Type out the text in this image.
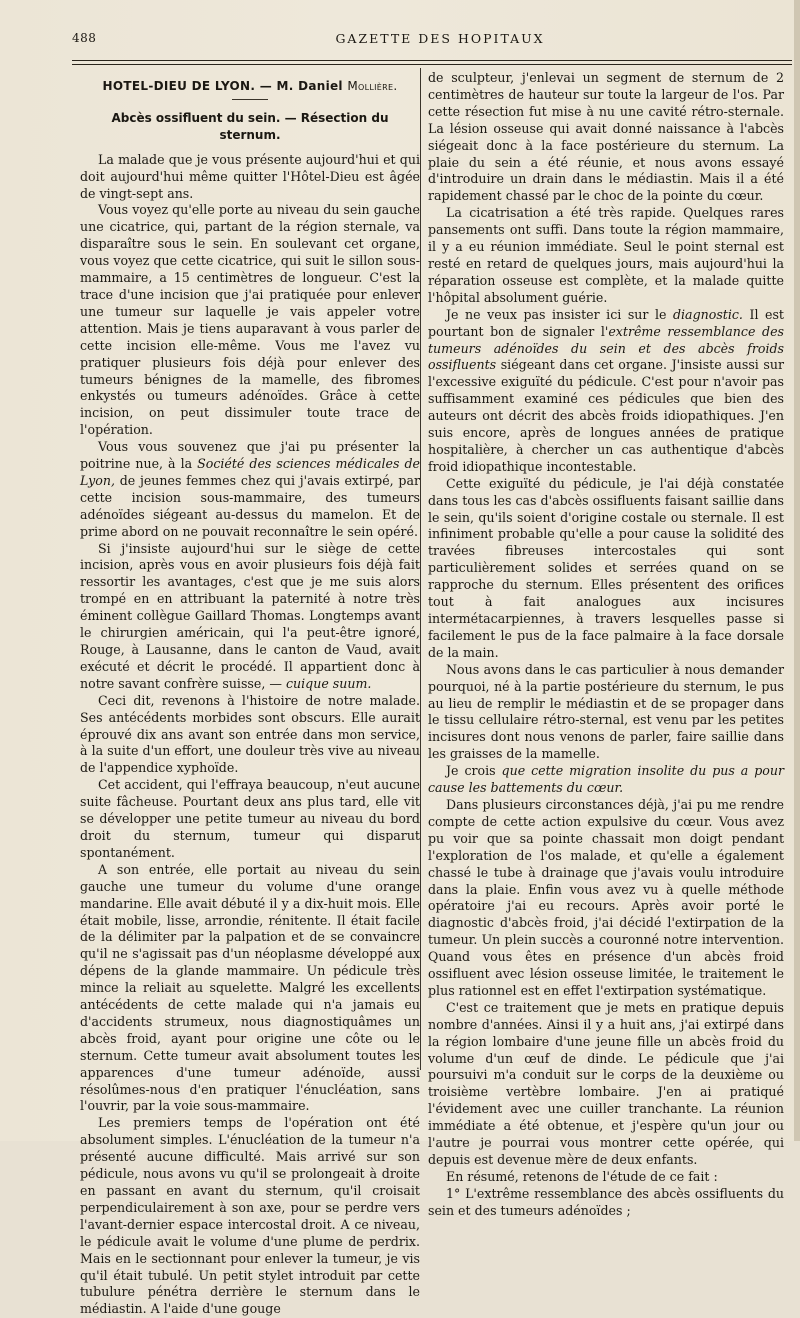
488	GAZETTE DES HOPITAUX
HOTEL-DIEU DE LYON. — M. Daniel Mollière.
Abcès ossifluent du sein. — Résection du sternum.

La malade que je vous présente aujourd'hui et qui doit aujourd'hui même quitter l'Hôtel-Dieu est âgée de vingt-sept ans.

Vous voyez qu'elle porte au niveau du sein gauche une cicatrice, qui, partant de la région sternale, va disparaître sous le sein. En soulevant cet organe, vous voyez que cette cicatrice, qui suit le sillon sous-mammaire, a 15 centimètres de longueur. C'est la trace d'une incision que j'ai pratiquée pour enlever une tumeur sur laquelle je vais appeler votre attention. Mais je tiens auparavant à vous parler de cette incision elle-même. Vous me l'avez vu pratiquer plusieurs fois déjà pour enlever des tumeurs bénignes de la mamelle, des fibromes enkystés ou tumeurs adénoïdes. Grâce à cette incision, on peut dissimuler toute trace de l'opération.

Vous vous souvenez que j'ai pu présenter la poitrine nue, à la Société des sciences médicales de Lyon, de jeunes femmes chez qui j'avais extirpé, par cette incision sous-mammaire, des tumeurs adénoïdes siégeant au-dessus du mamelon. Et de prime abord on ne pouvait reconnaître le sein opéré.

Si j'insiste aujourd'hui sur le siège de cette incision, après vous en avoir plusieurs fois déjà fait ressortir les avantages, c'est que je me suis alors trompé en en attribuant la paternité à notre très éminent collègue Gaillard Thomas. Longtemps avant le chirurgien américain, qui l'a peut-être ignoré, Rouge, à Lausanne, dans le canton de Vaud, avait exécuté et décrit le procédé. Il appartient donc à notre savant confrère suisse, — cuique suum.

Ceci dit, revenons à l'histoire de notre malade. Ses antécédents morbides sont obscurs. Elle aurait éprouvé dix ans avant son entrée dans mon service, à la suite d'un effort, une douleur très vive au niveau de l'appendice xyphoïde.

Cet accident, qui l'effraya beaucoup, n'eut aucune suite fâcheuse. Pourtant deux ans plus tard, elle vit se développer une petite tumeur au niveau du bord droit du sternum, tumeur qui disparut spontanément.

A son entrée, elle portait au niveau du sein gauche une tumeur du volume d'une orange mandarine. Elle avait débuté il y a dix-huit mois. Elle était mobile, lisse, arrondie, rénitente. Il était facile de la délimiter par la palpation et de se convaincre qu'il ne s'agissait pas d'un néoplasme développé aux dépens de la glande mammaire. Un pédicule très mince la reliait au squelette. Malgré les excellents antécédents de cette malade qui n'a jamais eu d'accidents strumeux, nous diagnostiquâmes un abcès froid, ayant pour origine une côte ou le sternum. Cette tumeur avait absolument toutes les apparences d'une tumeur adénoïde, aussi résolûmes-nous d'en pratiquer l'énucléation, sans l'ouvrir, par la voie sous-mammaire.

Les premiers temps de l'opération ont été absolument simples. L'énucléation de la tumeur n'a présenté aucune difficulté. Mais arrivé sur son pédicule, nous avons vu qu'il se prolongeait à droite en passant en avant du sternum, qu'il croisait perpendiculairement à son axe, pour se perdre vers l'avant-dernier espace intercostal droit. A ce niveau, le pédicule avait le volume d'une plume de perdrix. Mais en le sectionnant pour enlever la tumeur, je vis qu'il était tubulé. Un petit stylet introduit par cette tubulure pénétra derrière le sternum dans le médiastin. A l'aide d'une gouge

de sculpteur, j'enlevai un segment de sternum de 2 centimètres de hauteur sur toute la largeur de l'os. Par cette résection fut mise à nu une cavité rétro-sternale. La lésion osseuse qui avait donné naissance à l'abcès siégeait donc à la face postérieure du sternum. La plaie du sein a été réunie, et nous avons essayé d'introduire un drain dans le médiastin. Mais il a été rapidement chassé par le choc de la pointe du cœur.

La cicatrisation a été très rapide. Quelques rares pansements ont suffi. Dans toute la région mammaire, il y a eu réunion immédiate. Seul le point sternal est resté en retard de quelques jours, mais aujourd'hui la réparation osseuse est complète, et la malade quitte l'hôpital absolument guérie.

Je ne veux pas insister ici sur le diagnostic. Il est pourtant bon de signaler l'extrême ressemblance des tumeurs adénoïdes du sein et des abcès froids ossifluents siégeant dans cet organe. J'insiste aussi sur l'excessive exiguïté du pédicule. C'est pour n'avoir pas suffisamment examiné ces pédicules que bien des auteurs ont décrit des abcès froids idiopathiques. J'en suis encore, après de longues années de pratique hospitalière, à chercher un cas authentique d'abcès froid idiopathique incontestable.

Cette exiguïté du pédicule, je l'ai déjà constatée dans tous les cas d'abcès ossifluents faisant saillie dans le sein, qu'ils soient d'origine costale ou sternale. Il est infiniment probable qu'elle a pour cause la solidité des travées fibreuses intercostales qui sont particulièrement solides et serrées quand on se rapproche du sternum. Elles présentent des orifices tout à fait analogues aux incisures intermétacarpiennes, à travers lesquelles passe si facilement le pus de la face palmaire à la face dorsale de la main.

Nous avons dans le cas particulier à nous demander pourquoi, né à la partie postérieure du sternum, le pus au lieu de remplir le médiastin et de se propager dans le tissu cellulaire rétro-sternal, est venu par les petites incisures dont nous venons de parler, faire saillie dans les graisses de la mamelle.

Je crois que cette migration insolite du pus a pour cause les battements du cœur.

Dans plusieurs circonstances déjà, j'ai pu me rendre compte de cette action expulsive du cœur. Vous avez pu voir que sa pointe chassait mon doigt pendant l'exploration de l'os malade, et qu'elle a également chassé le tube à drainage que j'avais voulu introduire dans la plaie. Enfin vous avez vu à quelle méthode opératoire j'ai eu recours. Après avoir porté le diagnostic d'abcès froid, j'ai décidé l'extirpation de la tumeur. Un plein succès a couronné notre intervention. Quand vous êtes en présence d'un abcès froid ossifluent avec lésion osseuse limitée, le traitement le plus rationnel est en effet l'extirpation systématique.

C'est ce traitement que je mets en pratique depuis nombre d'années. Ainsi il y a huit ans, j'ai extirpé dans la région lombaire d'une jeune fille un abcès froid du volume d'un œuf de dinde. Le pédicule que j'ai poursuivi m'a conduit sur le corps de la deuxième ou troisième vertèbre lombaire. J'en ai pratiqué l'évidement avec une cuiller tranchante. La réunion immédiate a été obtenue, et j'espère qu'un jour ou l'autre je pourrai vous montrer cette opérée, qui depuis est devenue mère de deux enfants.

En résumé, retenons de l'étude de ce fait :

1° L'extrême ressemblance des abcès ossifluents du sein et des tumeurs adénoïdes ;
